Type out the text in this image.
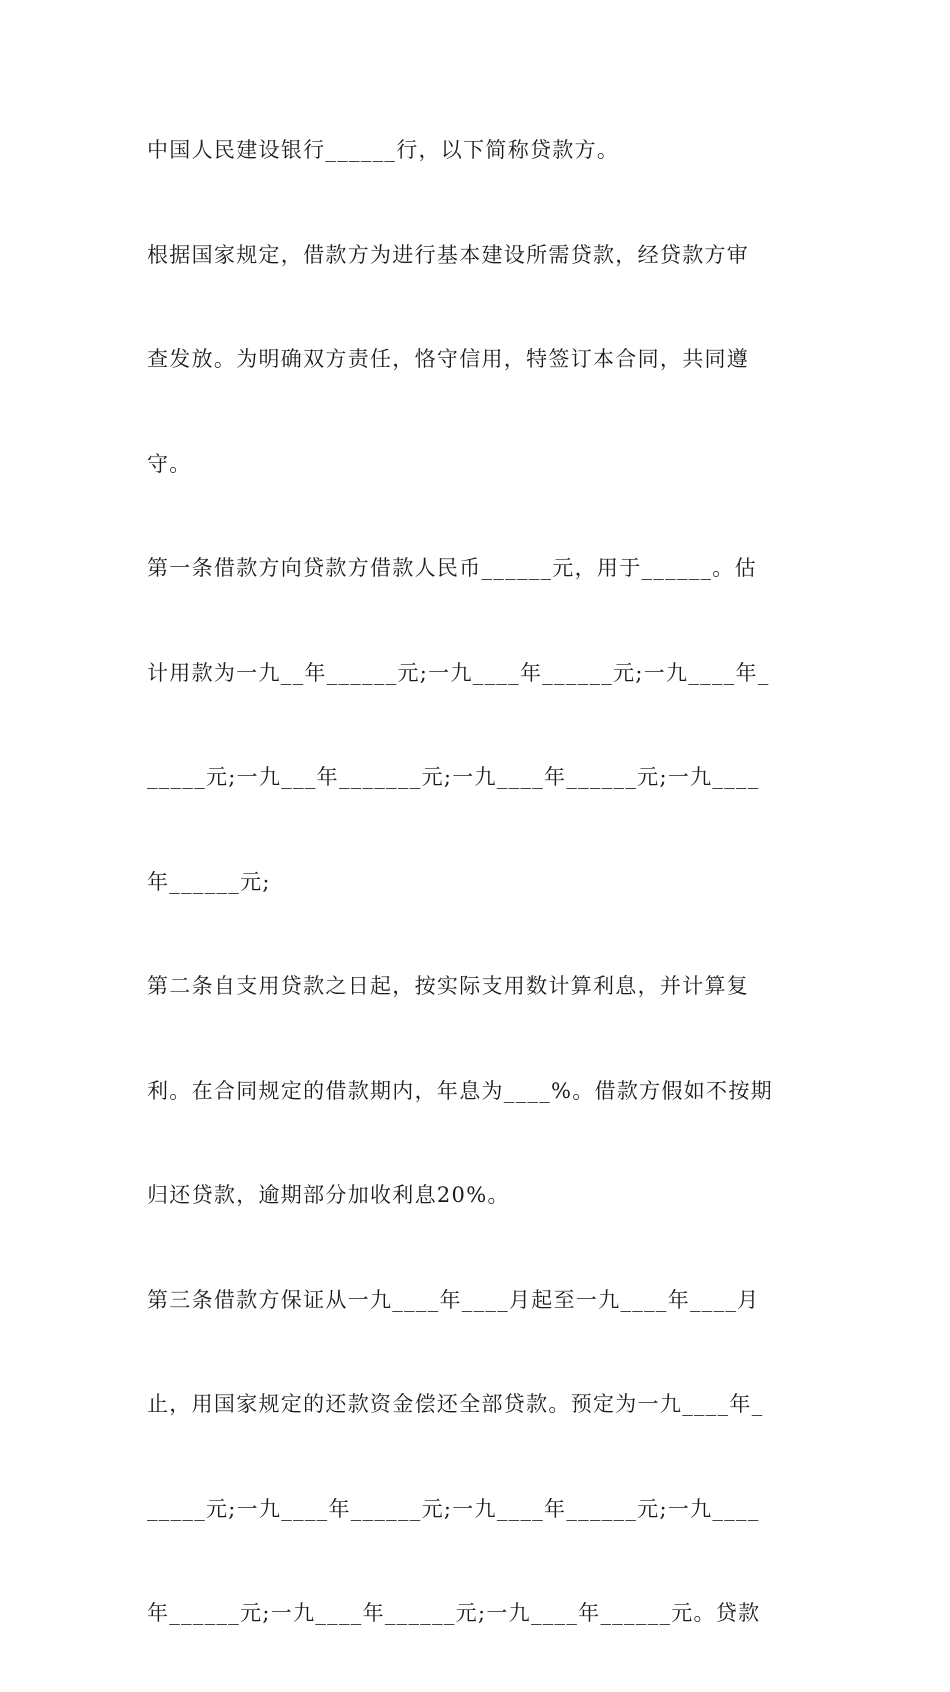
中国人民建设银行______行，以下简称贷款方。
根据国家规定，借款方为进行基本建设所需贷款，经贷款方审
查发放。为明确双方责任，恪守信用，特签订本合同，共同遵
守。
第一条借款方向贷款方借款人民币______元，用于______。估
计用款为一九__年______元;一九____年______元;一九____年_
_____元;一九___年_______元;一九____年______元;一九____
年______元;
第二条自支用贷款之日起，按实际支用数计算利息，并计算复
利。在合同规定的借款期内，年息为____%。借款方假如不按期
归还贷款，逾期部分加收利息20%。
第三条借款方保证从一九____年____月起至一九____年____月
止，用国家规定的还款资金偿还全部贷款。预定为一九____年_
_____元;一九____年______元;一九____年______元;一九____
年______元;一九____年______元;一九____年______元。贷款
